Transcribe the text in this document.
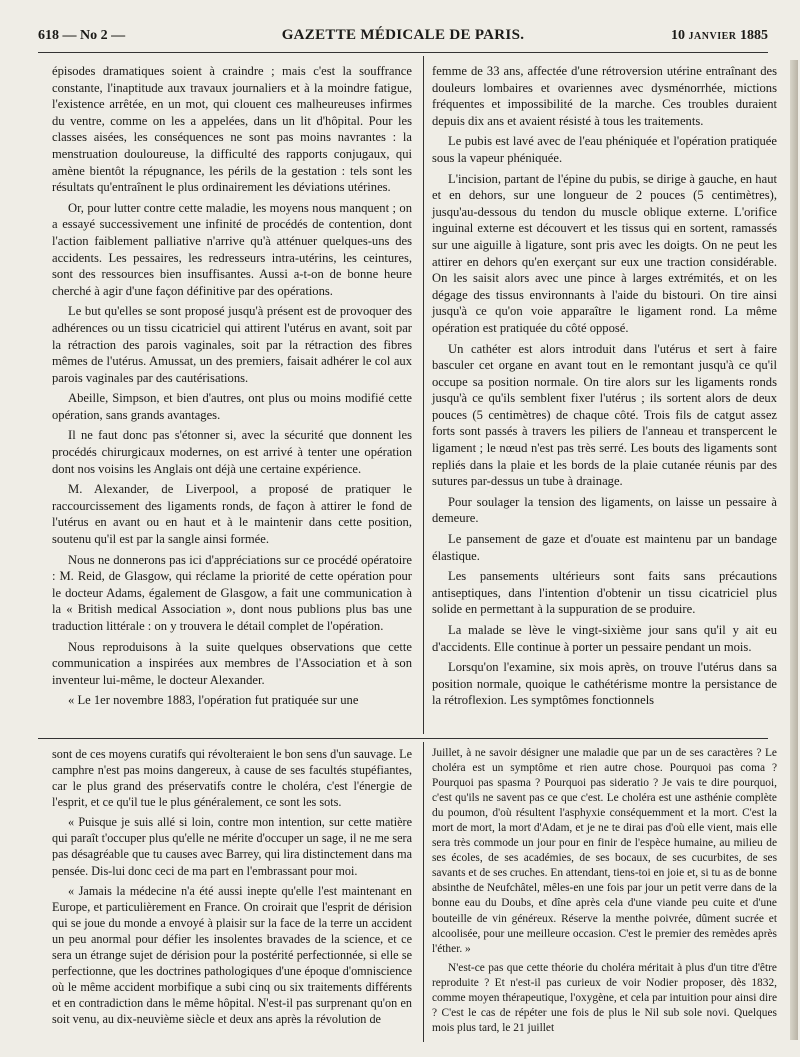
618 — No 2 —	GAZETTE MÉDICALE DE PARIS.	10 JANVIER 1885

épisodes dramatiques soient à craindre ; mais c'est la souffrance constante, l'inaptitude aux travaux journaliers et à la moindre fatigue, l'existence arrêtée, en un mot, qui clouent ces malheureuses infirmes du ventre, comme on les a appelées, dans un lit d'hôpital. Pour les classes aisées, les conséquences ne sont pas moins navrantes : la menstruation douloureuse, la difficulté des rapports conjugaux, qui amène bientôt la répugnance, les périls de la gestation : tels sont les résultats qu'entraînent le plus ordinairement les déviations utérines.

Or, pour lutter contre cette maladie, les moyens nous manquent ; on a essayé successivement une infinité de procédés de contention, dont l'action faiblement palliative n'arrive qu'à atténuer quelques-uns des accidents. Les pessaires, les redresseurs intra-utérins, les ceintures, sont des ressources bien insuffisantes. Aussi a-t-on de bonne heure cherché à agir d'une façon définitive par des opérations.

Le but qu'elles se sont proposé jusqu'à présent est de provoquer des adhérences ou un tissu cicatriciel qui attirent l'utérus en avant, soit par la rétraction des parois vaginales, soit par la rétraction des fibres mêmes de l'utérus. Amussat, un des premiers, faisait adhérer le col aux parois vaginales par des cautérisations.

Abeille, Simpson, et bien d'autres, ont plus ou moins modifié cette opération, sans grands avantages.

Il ne faut donc pas s'étonner si, avec la sécurité que donnent les procédés chirurgicaux modernes, on est arrivé à tenter une opération dont nos voisins les Anglais ont déjà une certaine expérience.

M. Alexander, de Liverpool, a proposé de pratiquer le raccourcissement des ligaments ronds, de façon à attirer le fond de l'utérus en avant ou en haut et à le maintenir dans cette position, soutenu qu'il est par la sangle ainsi formée.

Nous ne donnerons pas ici d'appréciations sur ce procédé opératoire : M. Reid, de Glasgow, qui réclame la priorité de cette opération pour le docteur Adams, également de Glasgow, a fait une communication à la « British medical Association », dont nous publions plus bas une traduction littérale : on y trouvera le détail complet de l'opération.

Nous reproduisons à la suite quelques observations que cette communication a inspirées aux membres de l'Association et à son inventeur lui-même, le docteur Alexander.

« Le 1er novembre 1883, l'opération fut pratiquée sur une

femme de 33 ans, affectée d'une rétroversion utérine entraînant des douleurs lombaires et ovariennes avec dysménorrhée, mictions fréquentes et impossibilité de la marche. Ces troubles duraient depuis dix ans et avaient résisté à tous les traitements.

Le pubis est lavé avec de l'eau phéniquée et l'opération pratiquée sous la vapeur phéniquée.

L'incision, partant de l'épine du pubis, se dirige à gauche, en haut et en dehors, sur une longueur de 2 pouces (5 centimètres), jusqu'au-dessous du tendon du muscle oblique externe. L'orifice inguinal externe est découvert et les tissus qui en sortent, ramassés sur une aiguille à ligature, sont pris avec les doigts. On ne peut les attirer en dehors qu'en exerçant sur eux une traction considérable. On les saisit alors avec une pince à larges extrémités, et on les dégage des tissus environnants à l'aide du bistouri. On tire ainsi jusqu'à ce qu'on voie apparaître le ligament rond. La même opération est pratiquée du côté opposé.

Un cathéter est alors introduit dans l'utérus et sert à faire basculer cet organe en avant tout en le remontant jusqu'à ce qu'il occupe sa position normale. On tire alors sur les ligaments ronds jusqu'à ce qu'ils semblent fixer l'utérus ; ils sortent alors de deux pouces (5 centimètres) de chaque côté. Trois fils de catgut assez forts sont passés à travers les piliers de l'anneau et transpercent le ligament ; le nœud n'est pas très serré. Les bouts des ligaments sont repliés dans la plaie et les bords de la plaie cutanée réunis par des sutures par-dessus un tube à drainage.

Pour soulager la tension des ligaments, on laisse un pessaire à demeure.

Le pansement de gaze et d'ouate est maintenu par un bandage élastique.

Les pansements ultérieurs sont faits sans précautions antiseptiques, dans l'intention d'obtenir un tissu cicatriciel plus solide en permettant à la suppuration de se produire.

La malade se lève le vingt-sixième jour sans qu'il y ait eu d'accidents. Elle continue à porter un pessaire pendant un mois.

Lorsqu'on l'examine, six mois après, on trouve l'utérus dans sa position normale, quoique le cathétérisme montre la persistance de la rétroflexion. Les symptômes fonctionnels

sont de ces moyens curatifs qui révolteraient le bon sens d'un sauvage. Le camphre n'est pas moins dangereux, à cause de ses facultés stupéfiantes, car le plus grand des préservatifs contre le choléra, c'est l'énergie de l'esprit, et ce qu'il tue le plus généralement, ce sont les sots.

« Puisque je suis allé si loin, contre mon intention, sur cette matière qui paraît t'occuper plus qu'elle ne mérite d'occuper un sage, il ne me sera pas désagréable que tu causes avec Barrey, qui lira distinctement dans ma pensée. Dis-lui donc ceci de ma part en l'embrassant pour moi.

« Jamais la médecine n'a été aussi inepte qu'elle l'est maintenant en Europe, et particulièrement en France. On croirait que l'esprit de dérision qui se joue du monde a envoyé à plaisir sur la face de la terre un accident un peu anormal pour défier les insolentes bravades de la science, et ce sera un étrange sujet de dérision pour la postérité perfectionnée, si elle se perfectionne, que les doctrines pathologiques d'une époque d'omniscience où le même accident morbifique a subi cinq ou six traitements différents et en contradiction dans le même hôpital. N'est-il pas surprenant qu'on en soit venu, au dix-neuvième siècle et deux ans après la révolution de

Juillet, à ne savoir désigner une maladie que par un de ses caractères ? Le choléra est un symptôme et rien autre chose. Pourquoi pas coma ? Pourquoi pas spasma ? Pourquoi pas sideratio ? Je vais te dire pourquoi, c'est qu'ils ne savent pas ce que c'est. Le choléra est une asthénie complète du poumon, d'où résultent l'asphyxie conséquemment et la mort. C'est la mort de mort, la mort d'Adam, et je ne te dirai pas d'où elle vient, mais elle sera très commode un jour pour en finir de l'espèce humaine, au milieu de ses écoles, de ses académies, de ses bocaux, de ses cucurbites, de ses savants et de ses cruches. En attendant, tiens-toi en joie et, si tu as de bonne absinthe de Neufchâtel, mêles-en une fois par jour un petit verre dans de la bonne eau du Doubs, et dîne après cela d'une viande peu cuite et d'une bouteille de vin généreux. Réserve la menthe poivrée, dûment sucrée et alcoolisée, pour une meilleure occasion. C'est le premier des remèdes après l'éther. »

N'est-ce pas que cette théorie du choléra méritait à plus d'un titre d'être reproduite ? Et n'est-il pas curieux de voir Nodier proposer, dès 1832, comme moyen thérapeutique, l'oxygène, et cela par intuition pour ainsi dire ? C'est le cas de répéter une fois de plus le Nil sub sole novi. Quelques mois plus tard, le 21 juillet
